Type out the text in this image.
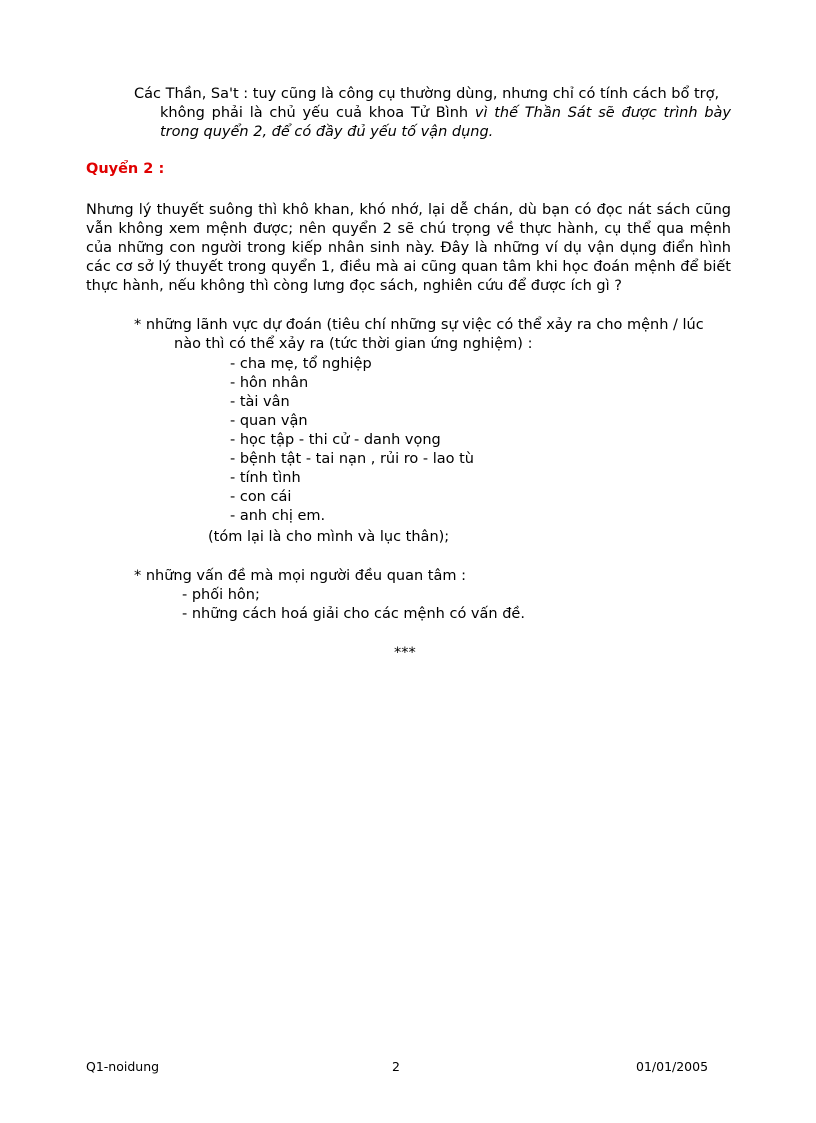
Các Thần, Sa't : tuy cũng là công cụ thường dùng, nhưng chỉ có tính cách bổ trợ,
không phải là chủ yếu cuả khoa Tử Bình vì thế Thần Sát sẽ được trình bày trong quyển 2, để có đầy đủ yếu tố vận dụng.
Quyển 2 :
Nhưng lý thuyết suông thì khô khan, khó nhớ, lại dễ chán, dù bạn có đọc nát sách cũng vẫn không xem mệnh được; nên quyển 2 sẽ chú trọng về thực hành, cụ thể qua mệnh của những con người trong kiếp nhân sinh này. Đây là những ví dụ vận dụng điển hình các cơ sở lý thuyết trong quyển 1, điều mà ai cũng quan tâm khi học đoán mệnh để biết thực hành, nếu không thì còng lưng đọc sách, nghiên cứu để được ích gì ?
* những lãnh vực dự đoán (tiêu chí những sự việc có thể xảy ra cho mệnh / lúc
nào thì có thể xảy ra (tức thời gian ứng nghiệm) :
- cha mẹ, tổ nghiệp
- hôn nhân
- tài vân
- quan vận
- học tập - thi cử - danh vọng
- bệnh tật - tai nạn , rủi ro - lao tù
- tính tình
- con cái
- anh chị em.
(tóm lại là cho mình và lục thân);
* những vấn đề mà mọi người đều quan tâm :
- phối hôn;
- những cách hoá giải cho các mệnh có vấn đề.
***
Q1-noidung	2	01/01/2005
